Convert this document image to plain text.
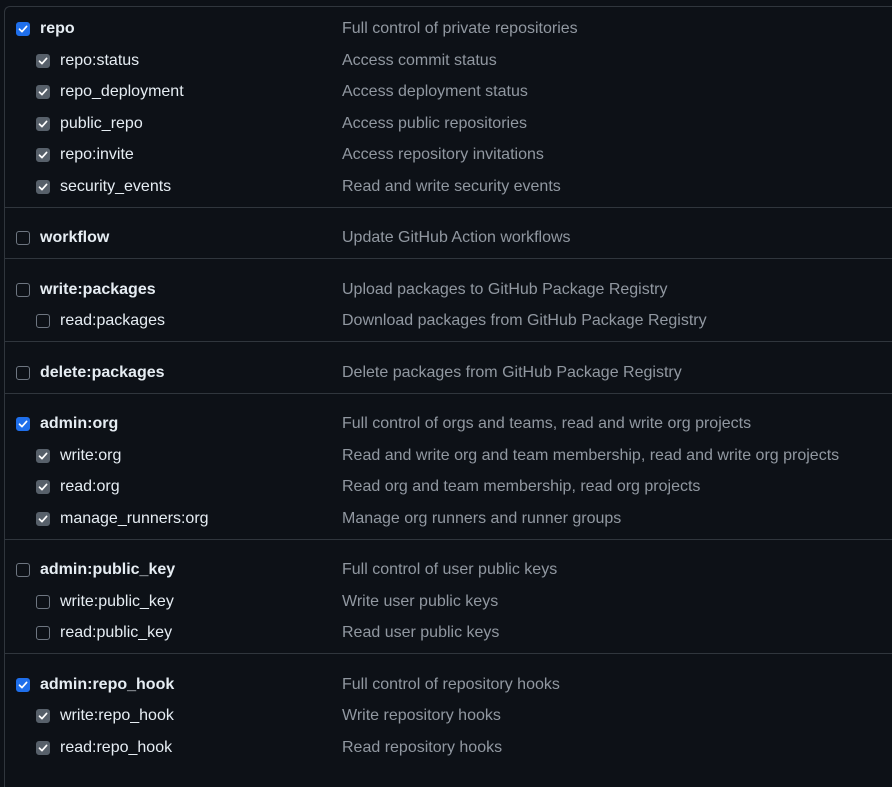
repo	Full control of private repositories
repo:status	Access commit status
repo_deployment	Access deployment status
public_repo	Access public repositories
repo:invite	Access repository invitations
security_events	Read and write security events
workflow	Update GitHub Action workflows
write:packages	Upload packages to GitHub Package Registry
read:packages	Download packages from GitHub Package Registry
delete:packages	Delete packages from GitHub Package Registry
admin:org	Full control of orgs and teams, read and write org projects
write:org	Read and write org and team membership, read and write org projects
read:org	Read org and team membership, read org projects
manage_runners:org	Manage org runners and runner groups
admin:public_key	Full control of user public keys
write:public_key	Write user public keys
read:public_key	Read user public keys
admin:repo_hook	Full control of repository hooks
write:repo_hook	Write repository hooks
read:repo_hook	Read repository hooks
